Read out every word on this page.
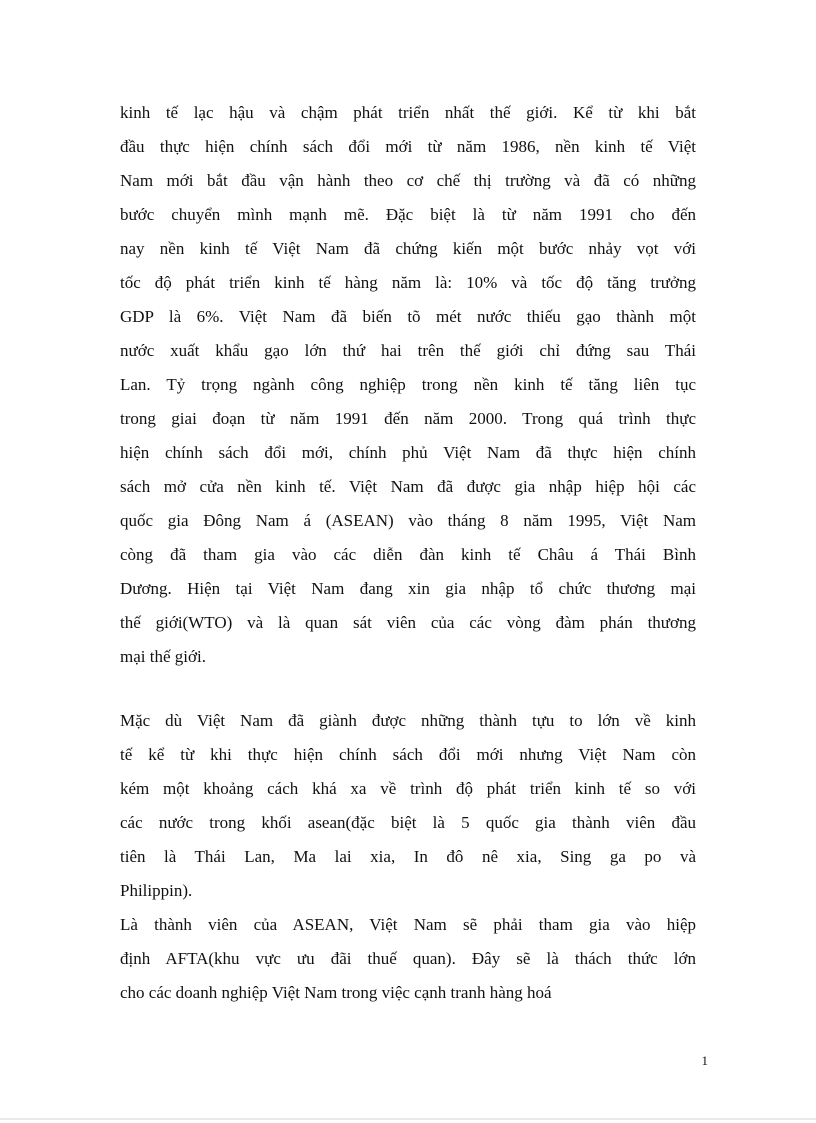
kinh tế lạc hậu và chậm phát triển nhất thế giới. Kể từ khi bắt
đầu thực hiện chính sách đổi mới từ năm 1986, nền kinh tế Việt
Nam mới bắt đầu vận hành theo cơ chế thị trường và đã có những
bước chuyển mình mạnh mẽ. Đặc biệt là từ năm 1991 cho đến
nay nền kinh tế Việt Nam đã chứng kiến một bước nhảy vọt với
tốc độ phát triển kinh tế hàng năm là: 10% và tốc độ tăng trưởng
GDP là 6%. Việt Nam đã biến tõ mét nước thiếu gạo thành một
nước xuất khẩu gạo lớn thứ hai trên thế giới chỉ đứng sau Thái
Lan. Tỷ trọng ngành công nghiệp trong nền kinh tế tăng liên tục
trong giai đoạn từ năm 1991 đến năm 2000. Trong quá trình thực
hiện chính sách đổi mới, chính phủ Việt Nam đã thực hiện chính
sách mở cửa nền kinh tế. Việt Nam đã được gia nhập hiệp hội các
quốc gia Đông Nam á (ASEAN) vào tháng 8 năm 1995, Việt Nam
còng đã tham gia vào các diễn đàn kinh tế Châu á Thái Bình
Dương. Hiện tại Việt Nam đang xin gia nhập tổ chức thương mại
thế giới(WTO) và là quan sát viên của các vòng đàm phán thương
mại thế giới.
Mặc dù Việt Nam đã giành được những thành tựu to lớn về kinh
tế kể từ khi thực hiện chính sách đổi mới nhưng Việt Nam còn
kém một khoảng cách khá xa về trình độ phát triển kinh tế so với
các nước trong khối asean(đặc biệt là 5 quốc gia thành viên đầu
tiên là Thái Lan, Ma lai xia, In đô nê xia, Sing ga po và
Philippin).
Là thành viên của ASEAN, Việt Nam sẽ phải tham gia vào hiệp
định AFTA(khu vực ưu đãi thuế quan). Đây sẽ là thách thức lớn
cho các doanh nghiệp Việt Nam trong việc cạnh tranh hàng hoá
1
